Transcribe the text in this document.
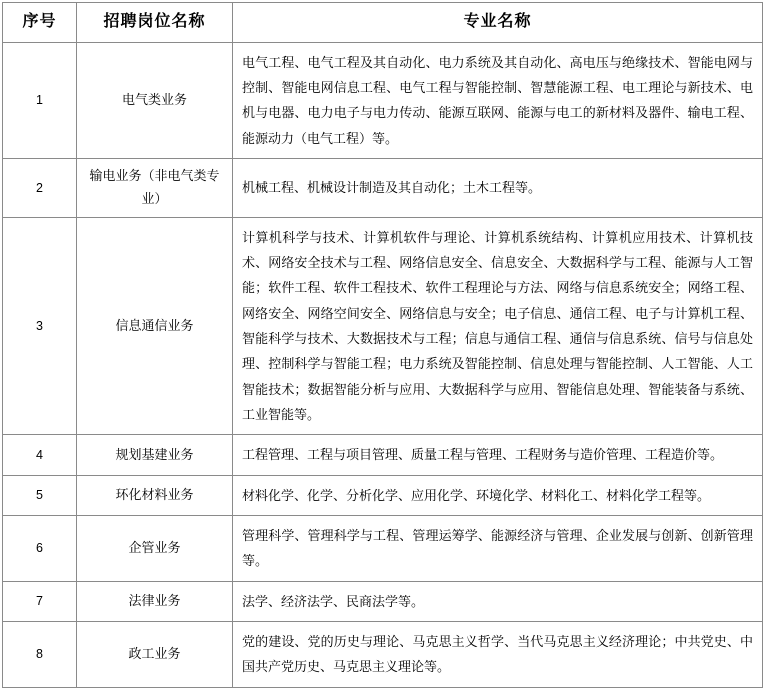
序号	招聘岗位名称	专业名称
1	电气类业务	电气工程、电气工程及其自动化、电力系统及其自动化、高电压与绝缘技术、智能电网与控制、智能电网信息工程、电气工程与智能控制、智慧能源工程、电工理论与新技术、电机与电器、电力电子与电力传动、能源互联网、能源与电工的新材料及器件、输电工程、能源动力（电气工程）等。
2	输电业务（非电气类专业）	机械工程、机械设计制造及其自动化；土木工程等。
3	信息通信业务	计算机科学与技术、计算机软件与理论、计算机系统结构、计算机应用技术、计算机技术、网络安全技术与工程、网络信息安全、信息安全、大数据科学与工程、能源与人工智能；软件工程、软件工程技术、软件工程理论与方法、网络与信息系统安全；网络工程、网络安全、网络空间安全、网络信息与安全；电子信息、通信工程、电子与计算机工程、智能科学与技术、大数据技术与工程；信息与通信工程、通信与信息系统、信号与信息处理、控制科学与智能工程；电力系统及智能控制、信息处理与智能控制、人工智能、人工智能技术；数据智能分析与应用、大数据科学与应用、智能信息处理、智能装备与系统、工业智能等。
4	规划基建业务	工程管理、工程与项目管理、质量工程与管理、工程财务与造价管理、工程造价等。
5	环化材料业务	材料化学、化学、分析化学、应用化学、环境化学、材料化工、材料化学工程等。
6	企管业务	管理科学、管理科学与工程、管理运筹学、能源经济与管理、企业发展与创新、创新管理等。
7	法律业务	法学、经济法学、民商法学等。
8	政工业务	党的建设、党的历史与理论、马克思主义哲学、当代马克思主义经济理论；中共党史、中国共产党历史、马克思主义理论等。
